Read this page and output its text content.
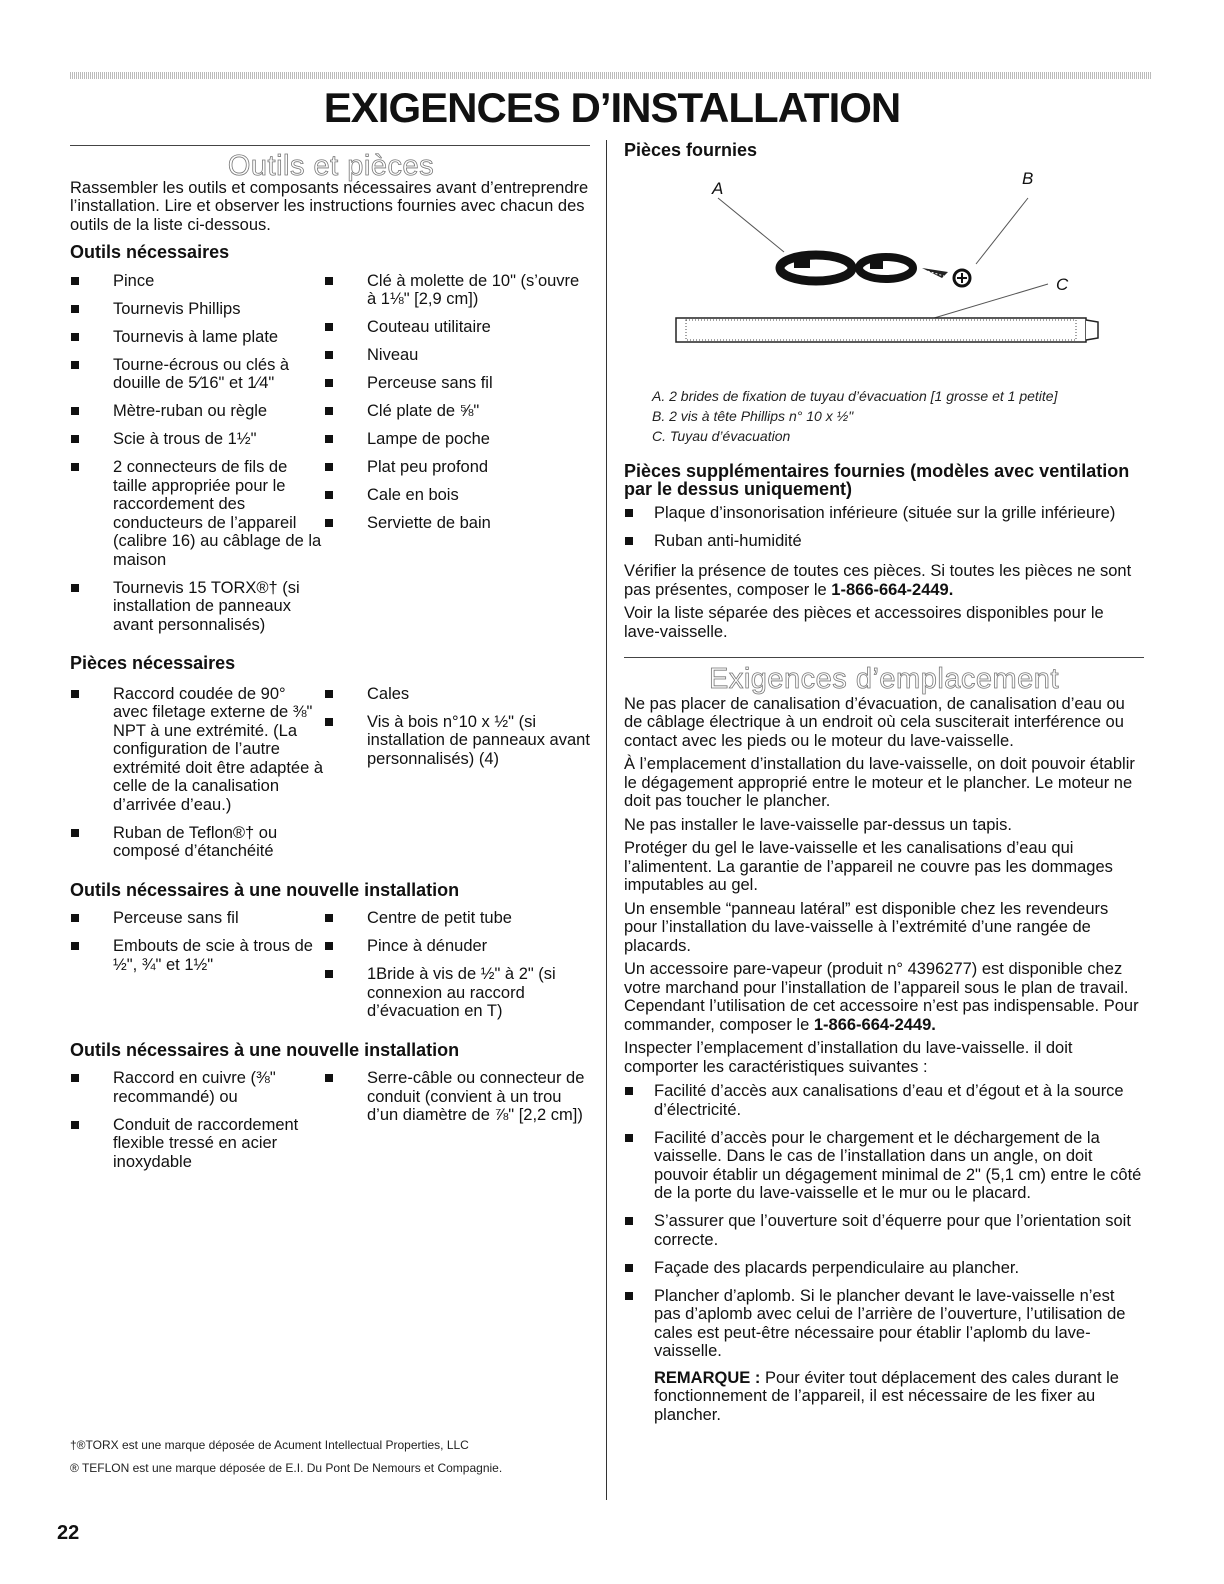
EXIGENCES D’INSTALLATION
Outils et pièces

Rassembler les outils et composants nécessaires avant d’entreprendre l’installation. Lire et observer les instructions fournies avec chacun des outils de la liste ci-dessous.

Outils nécessaires

Pince
Tournevis Phillips
Tournevis à lame plate
Tourne-écrous ou clés à douille de 5⁄16" et 1⁄4"
Mètre-ruban ou règle
Scie à trous de 1½"
2 connecteurs de fils de taille appropriée pour le raccordement des conducteurs de l’appareil (calibre 16) au câblage de la maison
Tournevis 15 TORX®† (si installation de panneaux avant personnalisés)
Clé à molette de 10" (s’ouvre à 1⅛" [2,9 cm])
Couteau utilitaire
Niveau
Perceuse sans fil
Clé plate de ⅝"
Lampe de poche
Plat peu profond
Cale en bois
Serviette de bain

Pièces nécessaires

Raccord coudée de 90° avec filetage externe de ⅜" NPT à une extrémité. (La configuration de l’autre extrémité doit être adaptée à celle de la canalisation d’arrivée d’eau.)
Ruban de Teflon®† ou composé d’étanchéité
Cales
Vis à bois n°10 x ½" (si installation de panneaux avant personnalisés) (4)

Outils nécessaires à une nouvelle installation

Perceuse sans fil
Embouts de scie à trous de ½", ¾" et 1½"
Centre de petit tube
Pince à dénuder
1Bride à vis de ½" à 2" (si connexion au raccord d’évacuation en T)

Outils nécessaires à une nouvelle installation

Raccord en cuivre (⅜" recommandé) ou
Conduit de raccordement flexible tressé en acier inoxydable
Serre-câble ou connecteur de conduit (convient à un trou d’un diamètre de ⅞" [2,2 cm])

†®TORX est une marque déposée de Acument Intellectual Properties, LLC

® TEFLON est une marque déposée de E.I. Du Pont De Nemours et Compagnie.

Pièces fournies

A
B
C

A. 2 brides de fixation de tuyau d’évacuation [1 grosse et 1 petite]

B. 2 vis à tête Phillips n° 10 x ½"

C. Tuyau d’évacuation

Pièces supplémentaires fournies (modèles avec ventilation par le dessus uniquement)

Plaque d’insonorisation inférieure (située sur la grille inférieure)
Ruban anti-humidité

Vérifier la présence de toutes ces pièces. Si toutes les pièces ne sont pas présentes, composer le 1-866-664-2449.

Voir la liste séparée des pièces et accessoires disponibles pour le lave-vaisselle.

Exigences d’emplacement

Ne pas placer de canalisation d’évacuation, de canalisation d’eau ou de câblage électrique à un endroit où cela susciterait interférence ou contact avec les pieds ou le moteur du lave-vaisselle.

À l’emplacement d’installation du lave-vaisselle, on doit pouvoir établir le dégagement approprié entre le moteur et le plancher. Le moteur ne doit pas toucher le plancher.

Ne pas installer le lave-vaisselle par-dessus un tapis.

Protéger du gel le lave-vaisselle et les canalisations d’eau qui l’alimentent. La garantie de l’appareil ne couvre pas les dommages imputables au gel.

Un ensemble “panneau latéral” est disponible chez les revendeurs pour l’installation du lave-vaisselle à l’extrémité d’une rangée de placards.

Un accessoire pare-vapeur (produit n° 4396277) est disponible chez votre marchand pour l’installation de l’appareil sous le plan de travail. Cependant l’utilisation de cet accessoire n’est pas indispensable. Pour commander, composer le 1-866-664-2449.

Inspecter l’emplacement d’installation du lave-vaisselle. il doit comporter les caractéristiques suivantes :

Facilité d’accès aux canalisations d’eau et d’égout et à la source d’électricité.
Facilité d’accès pour le chargement et le déchargement de la vaisselle. Dans le cas de l’installation dans un angle, on doit pouvoir établir un dégagement minimal de 2" (5,1 cm) entre le côté de la porte du lave-vaisselle et le mur ou le placard.
S’assurer que l’ouverture soit d’équerre pour que l’orientation soit correcte.
Façade des placards perpendiculaire au plancher.
Plancher d’aplomb. Si le plancher devant le lave-vaisselle n’est pas d’aplomb avec celui de l’arrière de l’ouverture, l’utilisation de cales est peut-être nécessaire pour établir l’aplomb du lave-vaisselle.

REMARQUE : Pour éviter tout déplacement des cales durant le fonctionnement de l’appareil, il est nécessaire de les fixer au plancher.

22
